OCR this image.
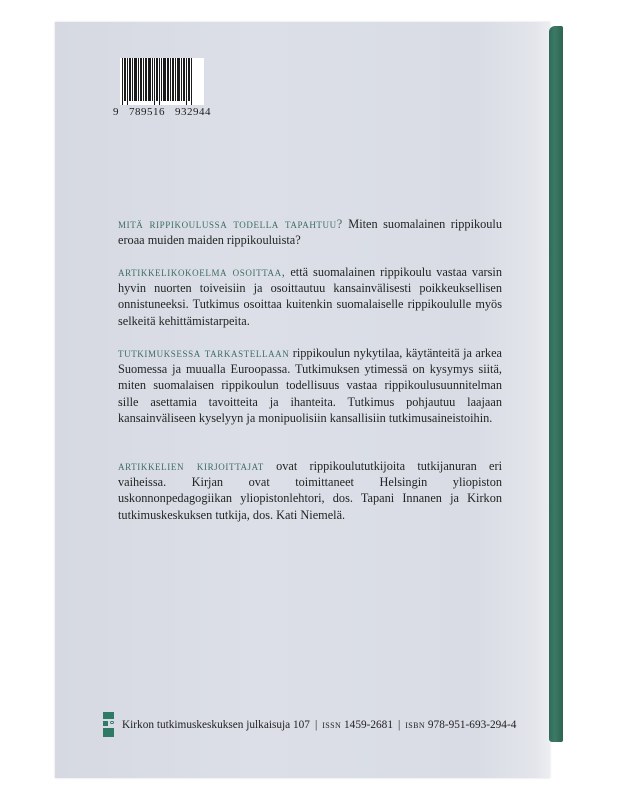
9 789516 932944

mitä rippikoulussa todella tapahtuu? Miten suomalainen rippikoulu eroaa muiden maiden rippikouluista?

artikkelikokoelma osoittaa, että suomalainen rippikoulu vastaa varsin hyvin nuorten toiveisiin ja osoittautuu kansainvälisesti poikkeuksellisen onnistuneeksi. Tutkimus osoittaa kuitenkin suomalaiselle rippikoululle myös selkeitä kehittämistarpeita.

tutkimuksessa tarkastellaan rippikoulun nykytilaa, käytänteitä ja arkea Suomessa ja muualla Euroopassa. Tutkimuksen ytimessä on kysymys siitä, miten suomalaisen rippikoulun todellisuus vastaa rippikoulusuunnitelman sille asettamia tavoitteita ja ihanteita. Tutkimus pohjautuu laajaan kansainväliseen kyselyyn ja monipuolisiin kansallisiin tutkimusaineistoihin.

artikkelien kirjoittajat ovat rippikoulututkijoita tutkijanuran eri vaiheissa. Kirjan ovat toimittaneet Helsingin yliopiston uskonnonpedagogiikan yliopistonlehtori, dos. Tapani Innanen ja Kirkon tutkimuskeskuksen tutkija, dos. Kati Niemelä.

Kirkon tutkimuskeskuksen julkaisuja 107 | issn
1459-2681 | isbn
978-951-693-294-4
